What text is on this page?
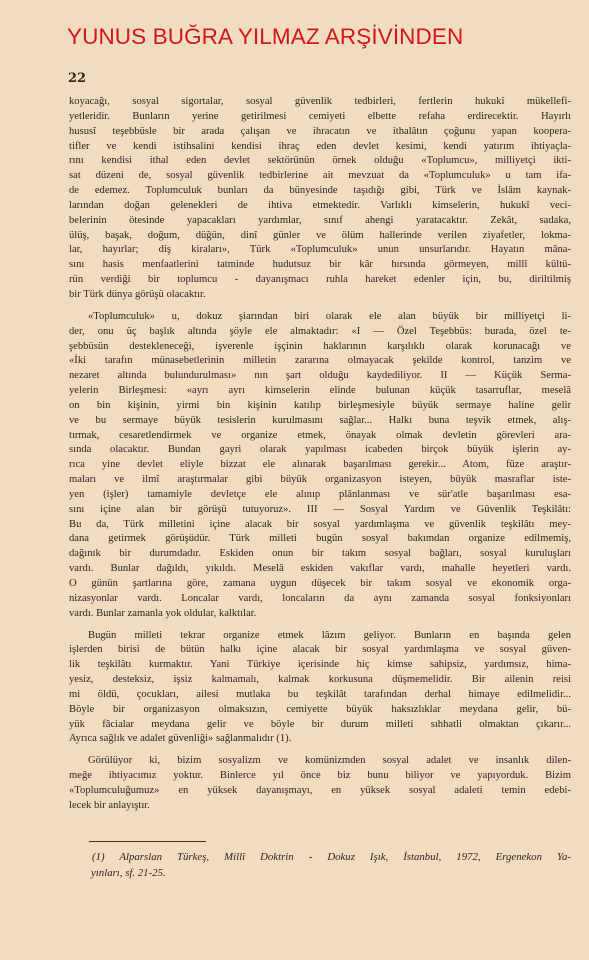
YUNUS BUĞRA YILMAZ ARŞİVİNDEN
22
koyacağı, sosyal sigortalar, sosyal güvenlik tedbirleri, fertlerin hukukî mükellefi-
yetleridir. Bunların yerine getirilmesi cemiyeti elbette refaha erdirecektir. Hayırlı
hususî teşebbüsle bir arada çalışan ve ihracatın ve ithalâtın çoğunu yapan koopera-
tifler ve kendi istihsalini kendisi ihraç eden devlet kesimi, kendi yatırım ihtiyaçla-
rını kendisi ithal eden devlet sektörünün örnek olduğu «Toplumcu», milliyetçi ikti-
sat düzeni de, sosyal güvenlik tedbirlerine ait mevzuat da «Toplumculuk» u tam ifa-
de edemez. Toplumculuk bunları da bünyesinde taşıdığı gibi, Türk ve İslâm kaynak-
larından doğan gelenekleri de ihtiva etmektedir. Varlıklı kimselerin, hukukî veci-
belerinin ötesinde yapacakları yardımlar, sınıf ahengi yaratacaktır. Zekât, sadaka,
ülüş, başak, doğum, düğün, dinî günler ve ölüm hallerinde verilen ziyafetler, lokma-
lar, hayırlar; diş kiraları», Türk «Toplumculuk» unun unsurlarıdır. Hayatın mâna-
sını hasis menfaatlerini tatminde hudutsuz bir kâr hırsında görmeyen, millî kültü-
rün verdiği bir toplumcu - dayanışmacı ruhla hareket edenler için, bu, diriltilmiş
bir Türk dünya görüşü olacaktır.
«Toplumculuk» u, dokuz şiarından biri olarak ele alan büyük bir milliyetçi li-
der, onu üç başlık altında şöyle ele almaktadır: «I — Özel Teşebbüs: burada, özel te-
şebbüsün destekleneceği, işverenle işçinin haklarının karşılıklı olarak korunacağı ve
«İki tarafın münasebetlerinin milletin zararına olmayacak şekilde kontrol, tanzim ve
nezaret altında bulundurulması» nın şart olduğu kaydediliyor. II — Küçük Serma-
yelerin Birleşmesi: «ayrı ayrı kimselerin elinde bulunan küçük tasarruflar, meselâ
on bin kişinin, yirmi bin kişinin katılıp birleşmesiyle büyük sermaye haline gelir
ve bu sermaye büyük tesislerin kurulmasını sağlar... Halkı buna teşvik etmek, alış-
tırmak, cesaretlendirmek ve organize etmek, önayak olmak devletin görevleri ara-
sında olacaktır. Bundan gayri olarak yapılması icabeden birçok büyük işlerin ay-
rıca yine devlet eliyle bizzat ele alınarak başarılması gerekir... Atom, füze araştır-
maları ve ilmî araştırmalar gibi büyük organizasyon isteyen, büyük masraflar iste-
yen (işler) tamamiyle devletçe ele alınıp plânlanması ve sür'atle başarılması esa-
sını içine alan bir görüşü tutuyoruz». III — Sosyal Yardım ve Güvenlik Teşkilâtı:
Bu da, Türk milletini içine alacak bir sosyal yardımlaşma ve güvenlik teşkilâtı mey-
dana getirmek görüşüdür. Türk milleti bugün sosyal bakımdan organize edilmemiş,
dağınık bir durumdadır. Eskiden onun bir takım sosyal bağları, sosyal kuruluşları
vardı. Bunlar dağıldı, yıkıldı. Meselâ eskiden vakıflar vardı, mahalle heyetleri vardı.
O günün şartlarına göre, zamana uygun düşecek bir takım sosyal ve ekonomik orga-
nizasyonlar vardı. Loncalar vardı, loncaların da aynı zamanda sosyal fonksiyonları
vardı. Bunlar zamanla yok oldular, kalktılar.
Bugün milleti tekrar organize etmek lâzım geliyor. Bunların en başında gelen
işlerden birisi de bütün halkı içine alacak bir sosyal yardımlaşma ve sosyal güven-
lik teşkilâtı kurmaktır. Yani Türkiye içerisinde hiç kimse sahipsiz, yardımsız, hima-
yesiz, desteksiz, işsiz kalmamalı, kalmak korkusuna düşmemelidir. Bir ailenin reisi
mi öldü, çocukları, ailesi mutlaka bu teşkilât tarafından derhal himaye edilmelidir...
Böyle bir organizasyon olmaksızın, cemiyette büyük haksızlıklar meydana gelir, bü-
yük fâcialar meydana gelir ve böyle bir durum milleti sıhhatli olmaktan çıkarır...
Ayrıca sağlık ve adalet güvenliği» sağlanmalıdır (1).
Görülüyor ki, bizim sosyalizm ve komünizmden sosyal adalet ve insanlık dilen-
meğe ihtiyacımız yoktur. Binlerce yıl önce biz bunu biliyor ve yapıyorduk. Bizim
«Toplumculuğumuz» en yüksek dayanışmayı, en yüksek sosyal adaleti temin edebi-
lecek bir anlayıştır.
(1) Alparslan Türkeş, Millî Doktrin - Dokuz Işık, İstanbul, 1972, Ergenekon Ya-
yınları, sf. 21-25.
